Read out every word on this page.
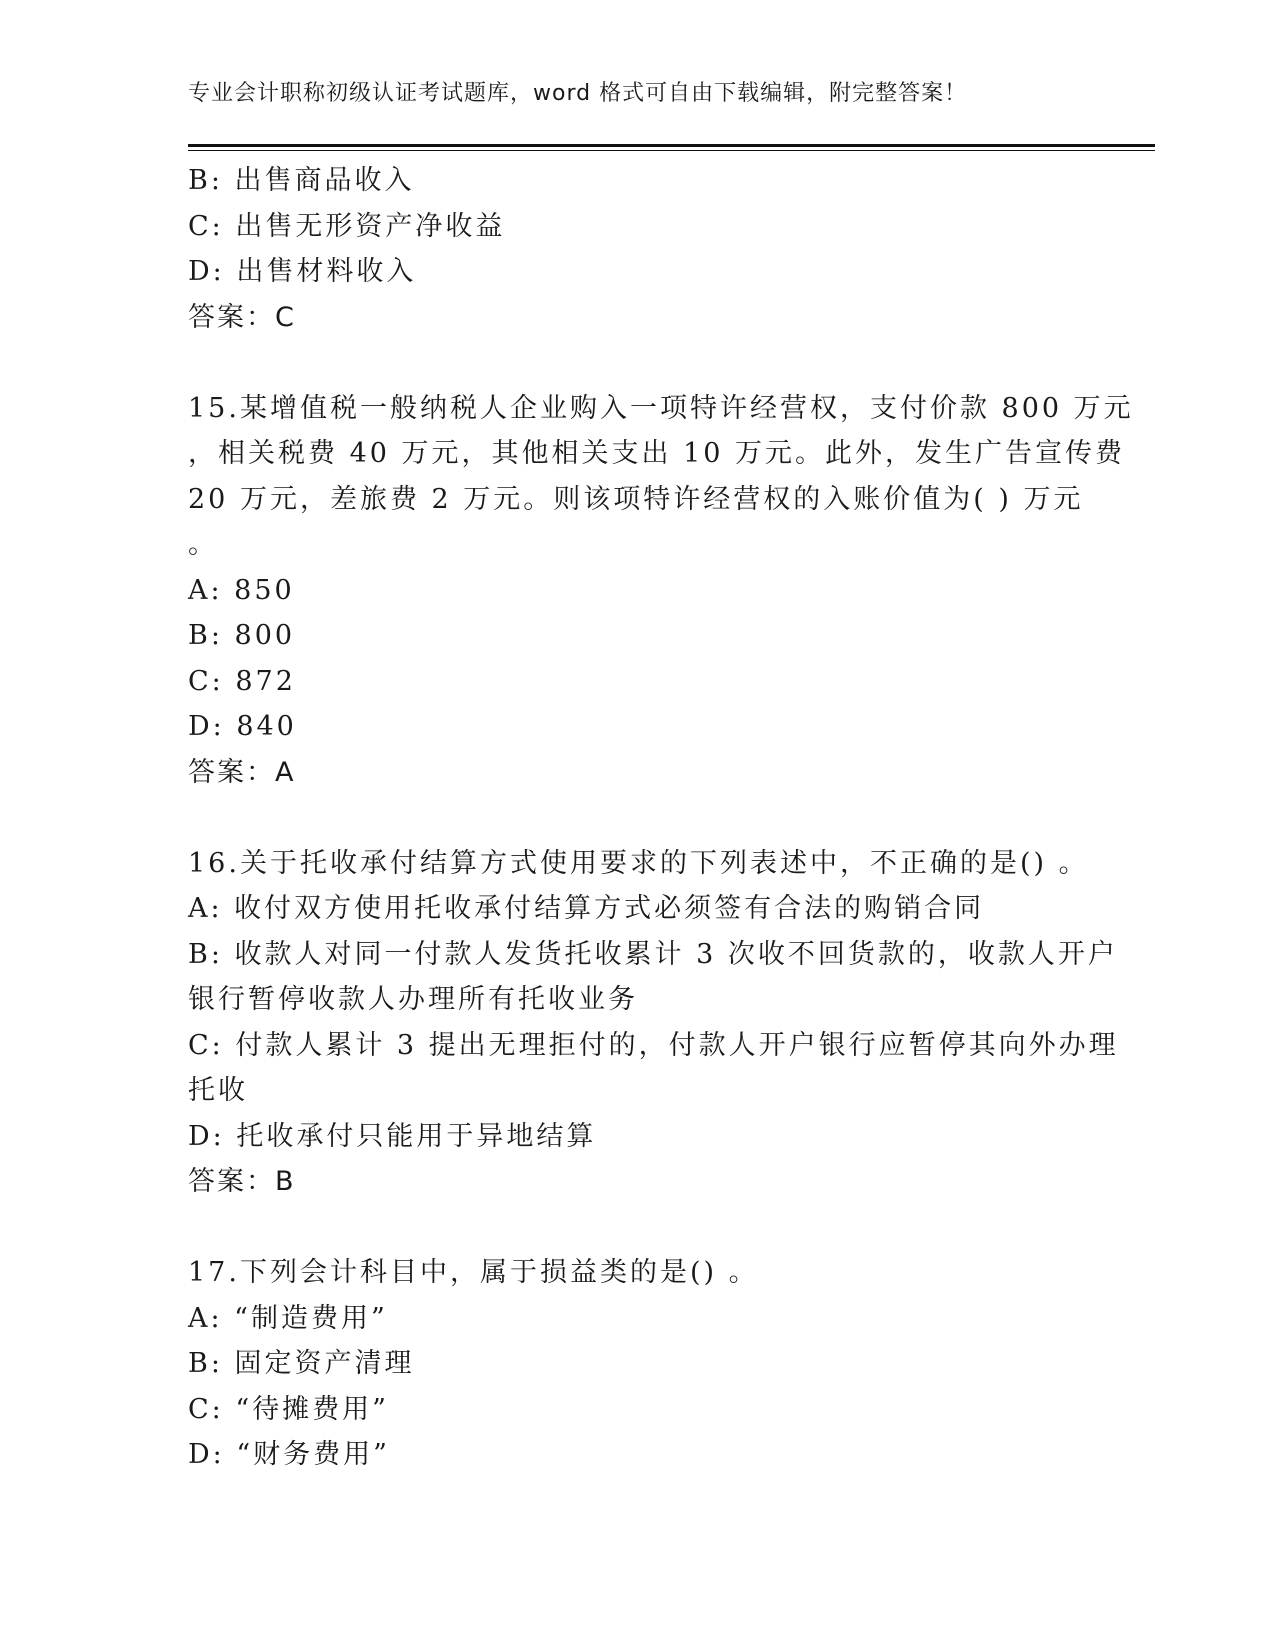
专业会计职称初级认证考试题库，word 格式可自由下载编辑，附完整答案！
B: 出售商品收入
C: 出售无形资产净收益
D: 出售材料收入
答案：C
15.某增值税一般纳税人企业购入一项特许经营权，支付价款 800 万元
，相关税费 40 万元，其他相关支出 10 万元。此外，发生广告宣传费
20 万元，差旅费 2 万元。则该项特许经营权的入账价值为( ) 万元
。
A: 850
B: 800
C: 872
D: 840
答案：A
16.关于托收承付结算方式使用要求的下列表述中，不正确的是() 。
A: 收付双方使用托收承付结算方式必须签有合法的购销合同
B: 收款人对同一付款人发货托收累计 3 次收不回货款的，收款人开户
银行暂停收款人办理所有托收业务
C: 付款人累计 3 提出无理拒付的，付款人开户银行应暂停其向外办理
托收
D: 托收承付只能用于异地结算
答案：B
17.下列会计科目中，属于损益类的是() 。
A: “制造费用”
B: 固定资产清理
C: “待摊费用”
D: “财务费用”
